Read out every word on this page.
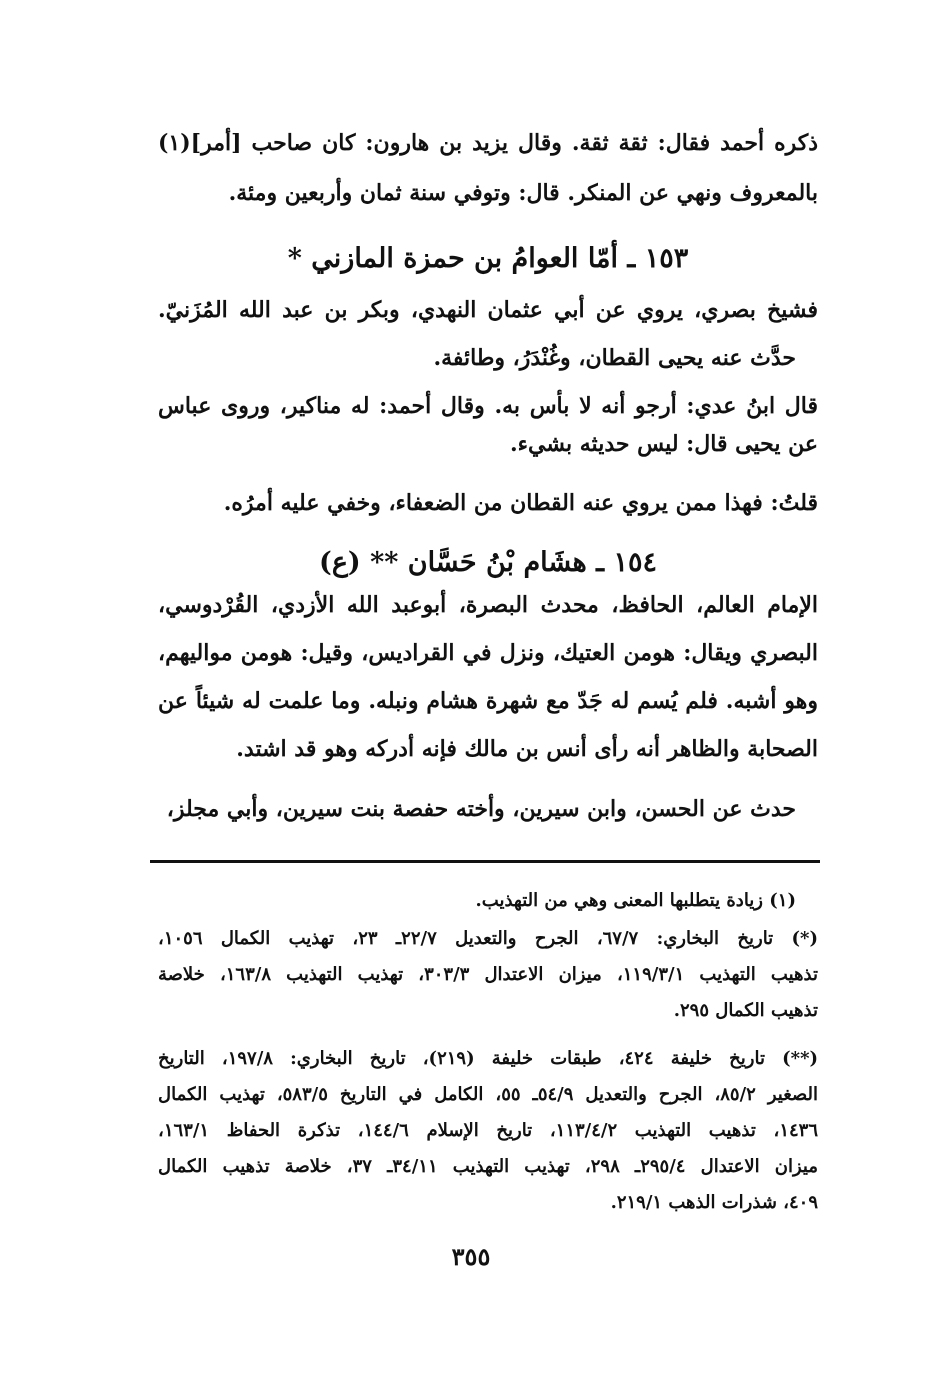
ذكره أحمد فقال: ثقة ثقة. وقال يزيد بن هارون: كان صاحب [أمر](١)
بالمعروف ونهي عن المنكر. قال: وتوفي سنة ثمان وأربعين ومئة.
١٥٣ ـ أمّا العوامُ بن حمزة المازني *
فشيخ بصري، يروي عن أبي عثمان النهدي، وبكر بن عبد الله المُزَنيّ.
حدَّث عنه يحيى القطان، وغُنْدَرُ، وطائفة.
قال ابنُ عدي: أرجو أنه لا بأس به. وقال أحمد: له مناكير، وروى عباس
عن يحيى قال: ليس حديثه بشيء.
قلتُ: فهذا ممن يروي عنه القطان من الضعفاء، وخفي عليه أمرُه.
١٥٤ ـ هشَام بْنُ حَسَّان ** (ع)
الإمام العالم، الحافظ، محدث البصرة، أبوعبد الله الأزدي، القُرْدوسي،
البصري ويقال: هومن العتيك، ونزل في القراديس، وقيل: هومن مواليهم،
وهو أشبه. فلم يُسم له جَدّ مع شهرة هشام ونبله. وما علمت له شيئاً عن
الصحابة والظاهر أنه رأى أنس بن مالك فإنه أدركه وهو قد اشتد.
حدث عن الحسن، وابن سيرين، وأخته حفصة بنت سيرين، وأبي مجلز،
(١) زيادة يتطلبها المعنى وهي من التهذيب.
(*) تاريخ البخاري: ٦٧/٧، الجرح والتعديل ٢٢/٧ـ ٢٣، تهذيب الكمال ١٠٥٦،
تذهيب التهذيب ١١٩/٣/١، ميزان الاعتدال ٣٠٣/٣، تهذيب التهذيب ١٦٣/٨، خلاصة
تذهيب الكمال ٢٩٥.
(**) تاريخ خليفة ٤٢٤، طبقات خليفة (٢١٩)، تاريخ البخاري: ١٩٧/٨، التاريخ
الصغير ٨٥/٢، الجرح والتعديل ٥٤/٩ـ ٥٥، الكامل في التاريخ ٥٨٣/٥، تهذيب الكمال
١٤٣٦، تذهيب التهذيب ١١٣/٤/٢، تاريخ الإسلام ١٤٤/٦، تذكرة الحفاظ ١٦٣/١،
ميزان الاعتدال ٢٩٥/٤ـ ٢٩٨، تهذيب التهذيب ٣٤/١١ـ ٣٧، خلاصة تذهيب الكمال
٤٠٩، شذرات الذهب ٢١٩/١.
٣٥٥
